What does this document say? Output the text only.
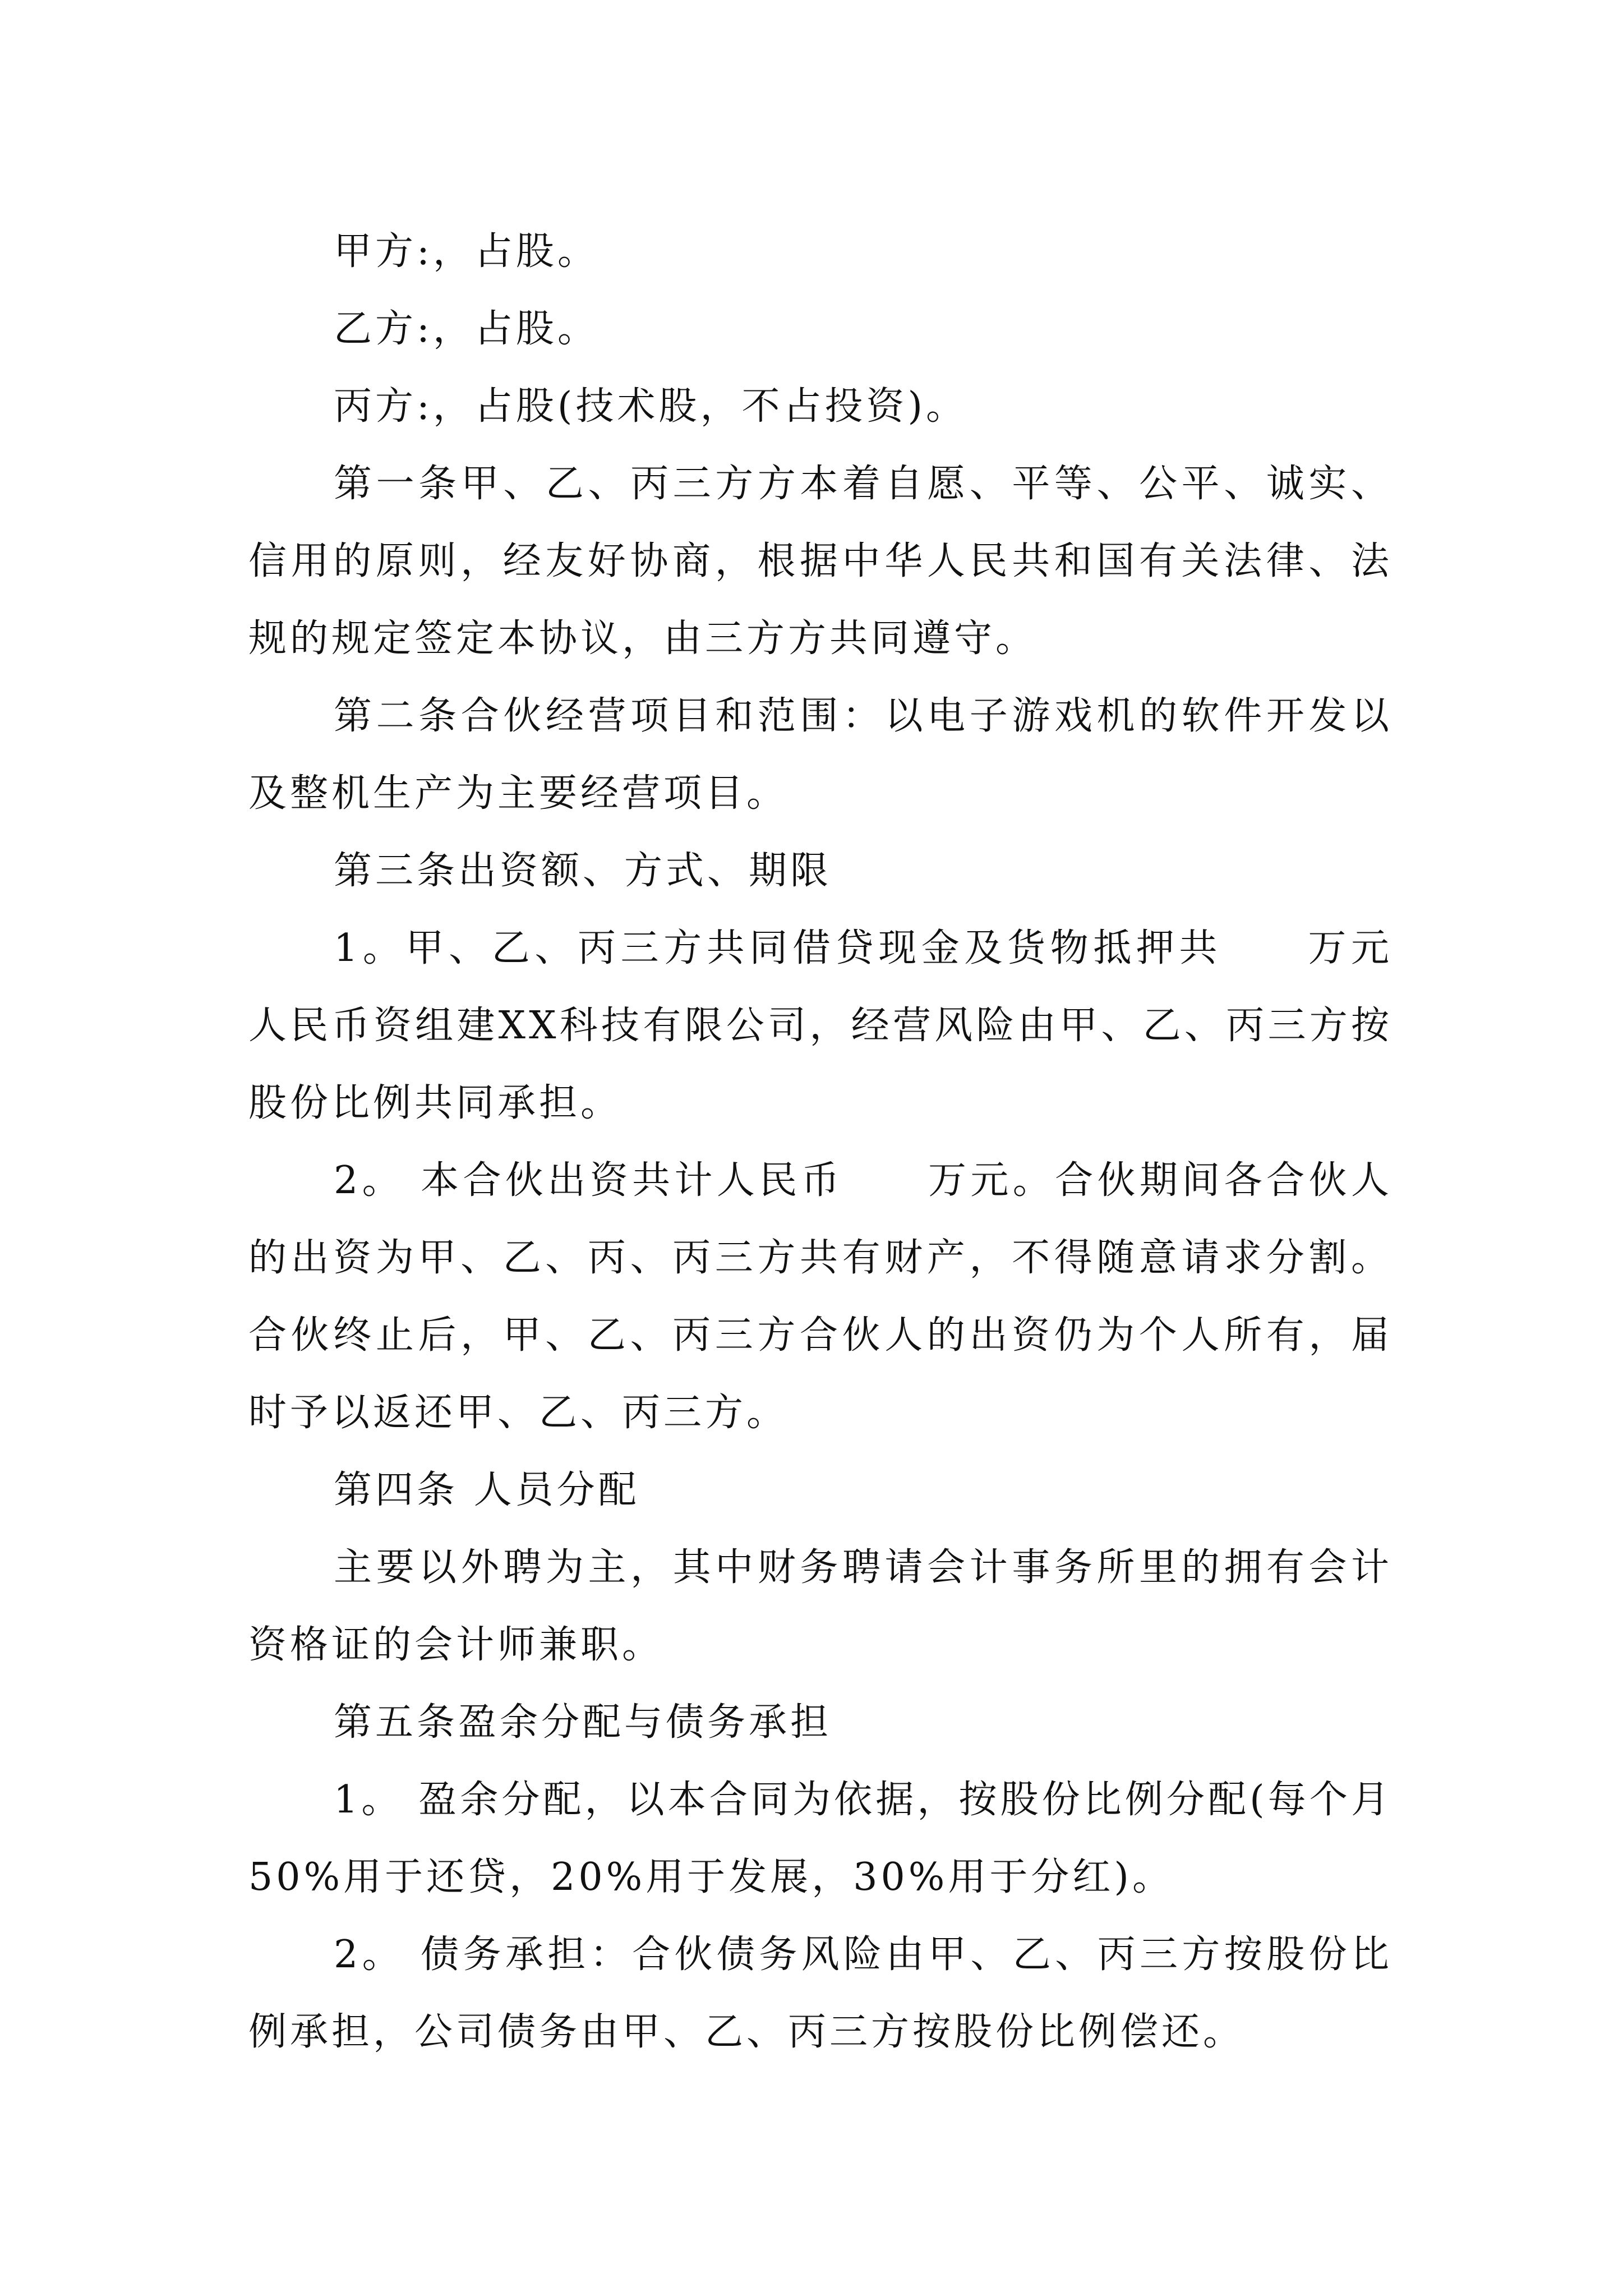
甲方:，占股。

乙方:，占股。

丙方:，占股(技术股，不占投资)。

第一条甲、乙、丙三方方本着自愿、平等、公平、诚实、信用的原则，经友好协商，根据中华人民共和国有关法律、法规的规定签定本协议，由三方方共同遵守。

第二条合伙经营项目和范围：以电子游戏机的软件开发以及整机生产为主要经营项目。

第三条出资额、方式、期限

1。甲、乙、丙三方共同借贷现金及货物抵押共　　万元人民币资组建XX科技有限公司，经营风险由甲、乙、丙三方按股份比例共同承担。

2。 本合伙出资共计人民币　　万元。合伙期间各合伙人的出资为甲、乙、丙、丙三方共有财产，不得随意请求分割。合伙终止后，甲、乙、丙三方合伙人的出资仍为个人所有，届时予以返还甲、乙、丙三方。

第四条 人员分配

主要以外聘为主，其中财务聘请会计事务所里的拥有会计资格证的会计师兼职。

第五条盈余分配与债务承担

1。 盈余分配，以本合同为依据，按股份比例分配(每个月50%用于还贷，20%用于发展，30%用于分红)。

2。 债务承担：合伙债务风险由甲、乙、丙三方按股份比例承担，公司债务由甲、乙、丙三方按股份比例偿还。
